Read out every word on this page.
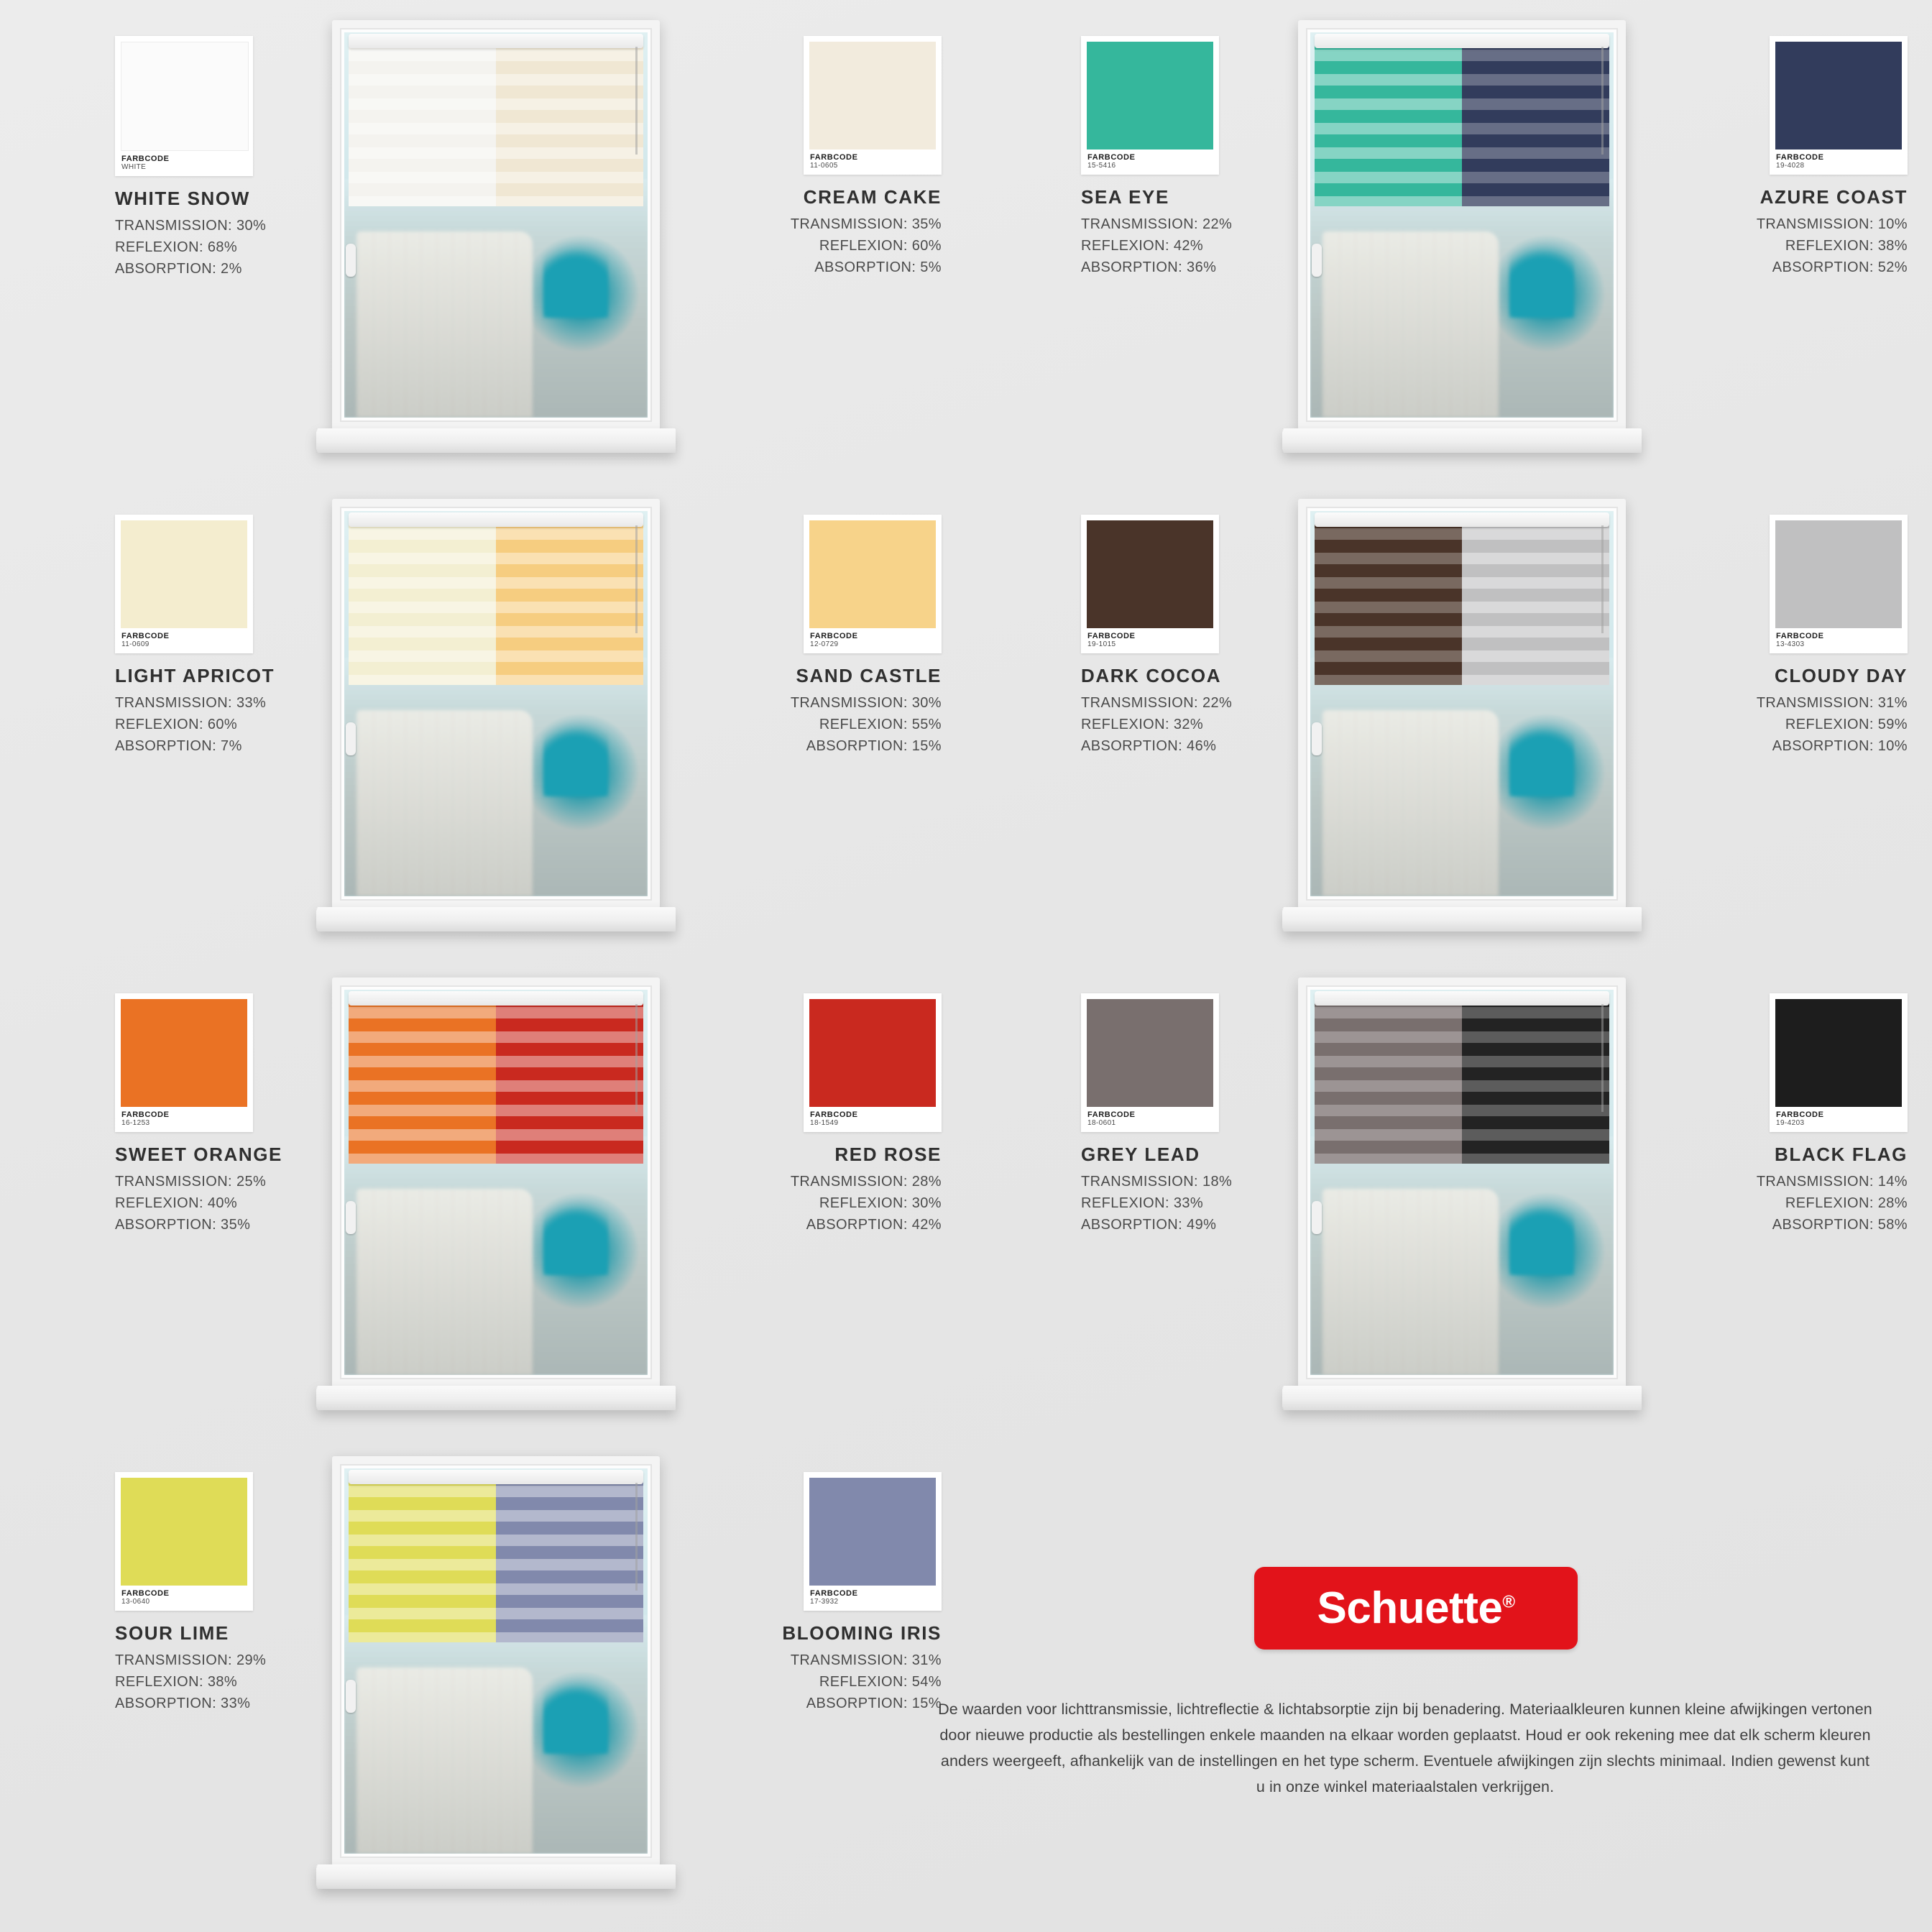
FARBCODE
WHITE
WHITE SNOW
TRANSMISSION: 30%
REFLEXION: 68%
ABSORPTION: 2%
FARBCODE
11-0605
CREAM CAKE
TRANSMISSION: 35%
REFLEXION: 60%
ABSORPTION: 5%
FARBCODE
15-5416
SEA EYE
TRANSMISSION: 22%
REFLEXION: 42%
ABSORPTION: 36%
FARBCODE
19-4028
AZURE COAST
TRANSMISSION: 10%
REFLEXION: 38%
ABSORPTION: 52%
FARBCODE
11-0609
LIGHT APRICOT
TRANSMISSION: 33%
REFLEXION: 60%
ABSORPTION: 7%
FARBCODE
12-0729
SAND CASTLE
TRANSMISSION: 30%
REFLEXION: 55%
ABSORPTION: 15%
FARBCODE
19-1015
DARK COCOA
TRANSMISSION: 22%
REFLEXION: 32%
ABSORPTION: 46%
FARBCODE
13-4303
CLOUDY DAY
TRANSMISSION: 31%
REFLEXION: 59%
ABSORPTION: 10%
FARBCODE
16-1253
SWEET ORANGE
TRANSMISSION: 25%
REFLEXION: 40%
ABSORPTION: 35%
FARBCODE
18-1549
RED ROSE
TRANSMISSION: 28%
REFLEXION: 30%
ABSORPTION: 42%
FARBCODE
18-0601
GREY LEAD
TRANSMISSION: 18%
REFLEXION: 33%
ABSORPTION: 49%
FARBCODE
19-4203
BLACK FLAG
TRANSMISSION: 14%
REFLEXION: 28%
ABSORPTION: 58%
FARBCODE
13-0640
SOUR LIME
TRANSMISSION: 29%
REFLEXION: 38%
ABSORPTION: 33%
FARBCODE
17-3932
BLOOMING IRIS
TRANSMISSION: 31%
REFLEXION: 54%
ABSORPTION: 15%
Schuette®
De waarden voor lichttransmissie, lichtreflectie & lichtabsorptie zijn bij benadering. Materiaalkleuren kunnen kleine afwijkingen vertonen door nieuwe productie als bestellingen enkele maanden na elkaar worden geplaatst. Houd er ook rekening mee dat elk scherm kleuren anders weergeeft, afhankelijk van de instellingen en het type scherm. Eventuele afwijkingen zijn slechts minimaal. Indien gewenst kunt u in onze winkel materiaalstalen verkrijgen.
